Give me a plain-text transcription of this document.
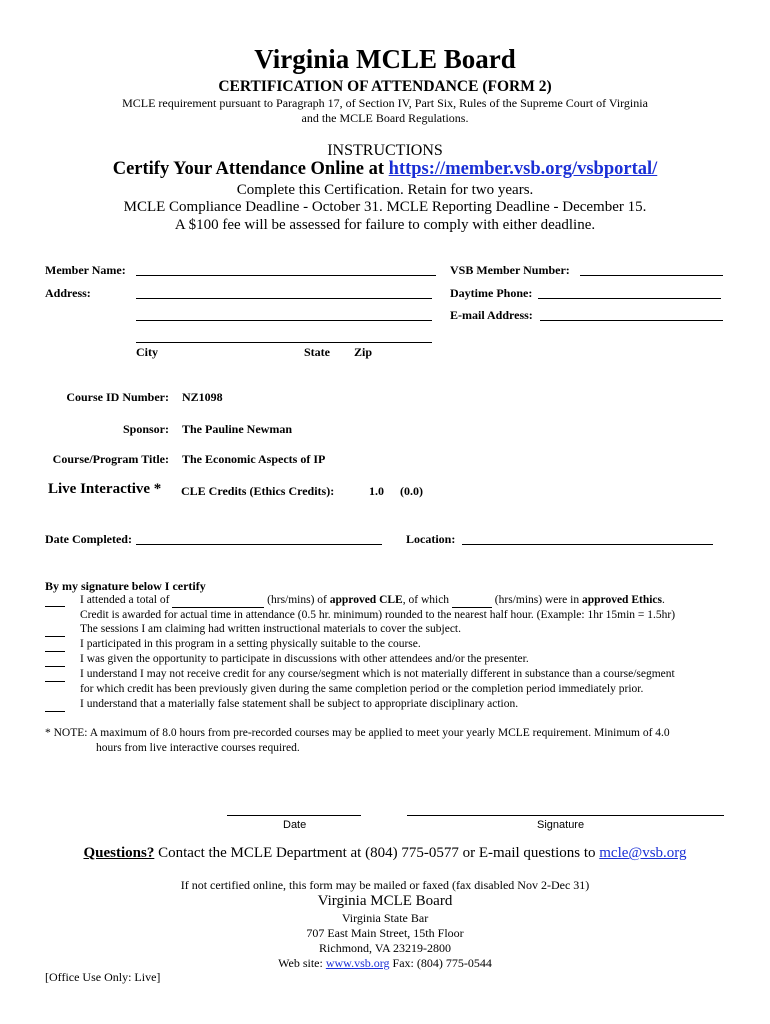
Virginia MCLE Board
CERTIFICATION OF ATTENDANCE (FORM 2)
MCLE requirement pursuant to Paragraph 17, of Section IV, Part Six, Rules of the Supreme Court of Virginia
and the MCLE Board Regulations.
INSTRUCTIONS
Certify Your Attendance Online at https://member.vsb.org/vsbportal/
Complete this Certification. Retain for two years.
MCLE Compliance Deadline - October 31. MCLE Reporting Deadline - December 15.
A $100 fee will be assessed for failure to comply with either deadline.
Member Name:	VSB Member Number:
Address:	Daytime Phone:
E-mail Address:
City	State Zip
Course ID Number: NZ1098
Sponsor: The Pauline Newman
Course/Program Title: The Economic Aspects of IP
Live Interactive * CLE Credits (Ethics Credits):	1.0 (0.0)
Date Completed:	Location:
By my signature below I certify
I attended a total of	(hrs/mins) of approved CLE, of which	(hrs/mins) were in approved Ethics.
Credit is awarded for actual time in attendance (0.5 hr. minimum) rounded to the nearest half hour. (Example: 1hr 15min = 1.5hr)
The sessions I am claiming had written instructional materials to cover the subject.
I participated in this program in a setting physically suitable to the course.
I was given the opportunity to participate in discussions with other attendees and/or the presenter.
I understand I may not receive credit for any course/segment which is not materially different in substance than a course/segment
for which credit has been previously given during the same completion period or the completion period immediately prior.
I understand that a materially false statement shall be subject to appropriate disciplinary action.
* NOTE: A maximum of 8.0 hours from pre-recorded courses may be applied to meet your yearly MCLE requirement. Minimum of 4.0
hours from live interactive courses required.
Date	Signature
Questions? Contact the MCLE Department at (804) 775-0577 or E-mail questions to mcle@vsb.org
If not certified online, this form may be mailed or faxed (fax disabled Nov 2-Dec 31)
Virginia MCLE Board
Virginia State Bar
707 East Main Street, 15th Floor
Richmond, VA 23219-2800
Web site: www.vsb.org Fax: (804) 775-0544
[Office Use Only: Live]
